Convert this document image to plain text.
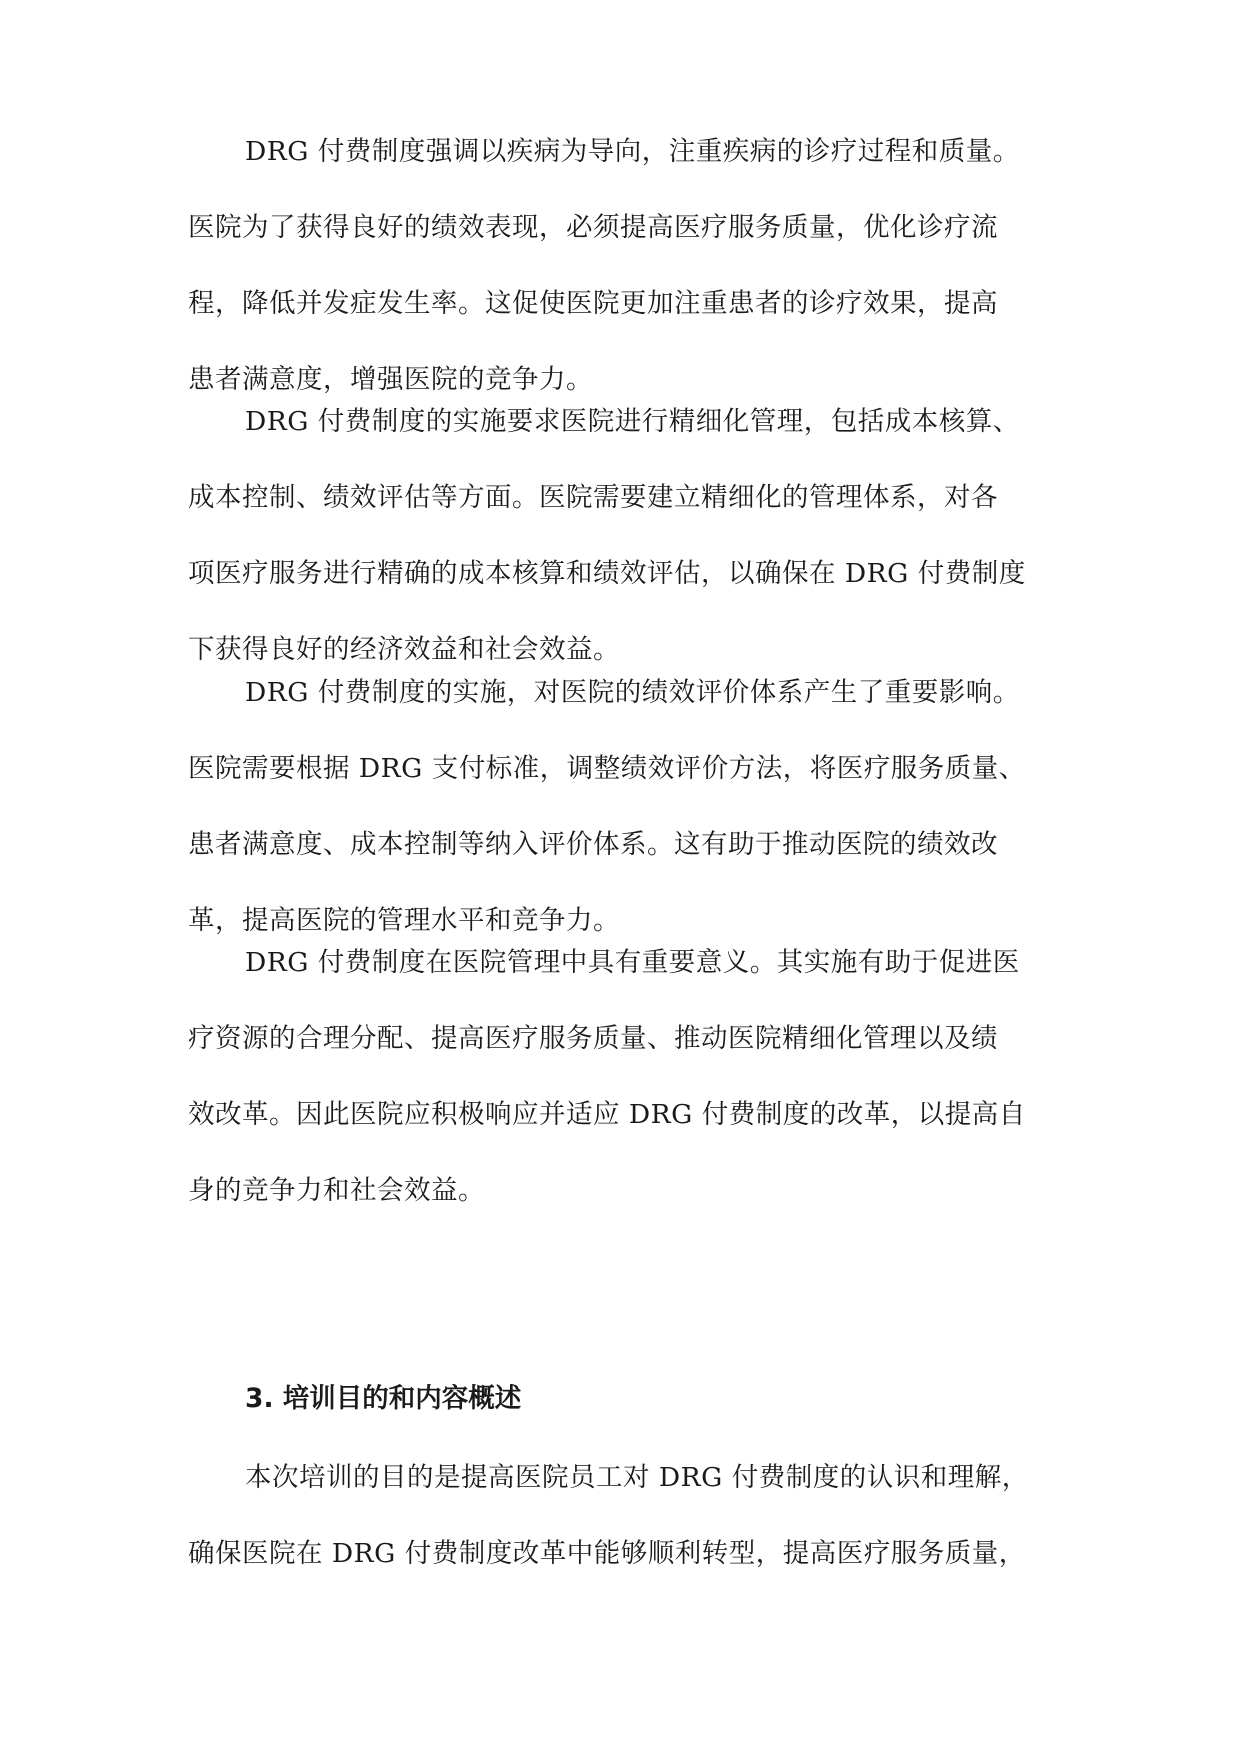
DRG 付费制度强调以疾病为导向，注重疾病的诊疗过程和质量。
医院为了获得良好的绩效表现，必须提高医疗服务质量，优化诊疗流
程，降低并发症发生率。这促使医院更加注重患者的诊疗效果，提高
患者满意度，增强医院的竞争力。
DRG 付费制度的实施要求医院进行精细化管理，包括成本核算、
成本控制、绩效评估等方面。医院需要建立精细化的管理体系，对各
项医疗服务进行精确的成本核算和绩效评估，以确保在 DRG 付费制度
下获得良好的经济效益和社会效益。
DRG 付费制度的实施，对医院的绩效评价体系产生了重要影响。
医院需要根据 DRG 支付标准，调整绩效评价方法，将医疗服务质量、
患者满意度、成本控制等纳入评价体系。这有助于推动医院的绩效改
革，提高医院的管理水平和竞争力。
DRG 付费制度在医院管理中具有重要意义。其实施有助于促进医
疗资源的合理分配、提高医疗服务质量、推动医院精细化管理以及绩
效改革。因此医院应积极响应并适应 DRG 付费制度的改革，以提高自
身的竞争力和社会效益。
3. 培训目的和内容概述
本次培训的目的是提高医院员工对 DRG 付费制度的认识和理解，
确保医院在 DRG 付费制度改革中能够顺利转型，提高医疗服务质量，
